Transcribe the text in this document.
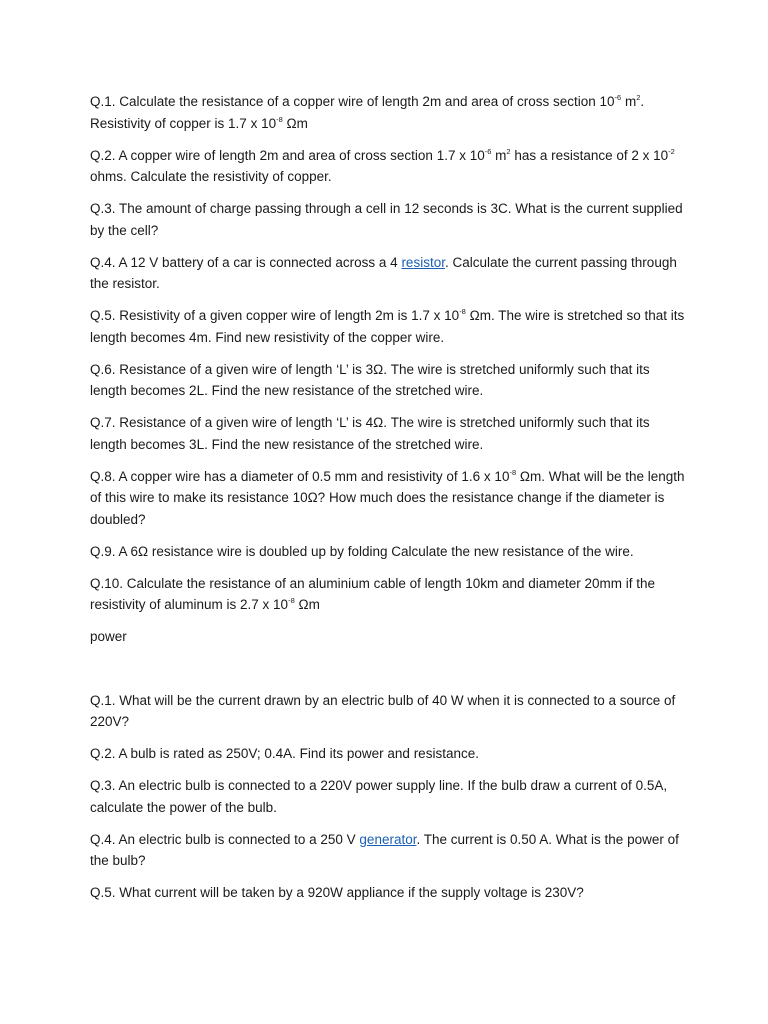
Q.1. Calculate the resistance of a copper wire of length 2m and area of cross section $10^{-6}$ $m^2$. Resistivity of copper is 1.7 x $10^{-8}$ Ωm

Q.2. A copper wire of length 2m and area of cross section 1.7 x $10^{-6}$ $m^2$ has a resistance of 2 x $10^{-2}$ ohms. Calculate the resistivity of copper.

Q.3. The amount of charge passing through a cell in 12 seconds is 3C. What is the current supplied by the cell?

Q.4. A 12 V battery of a car is connected across a 4 resistor. Calculate the current passing through the resistor.

Q.5. Resistivity of a given copper wire of length 2m is 1.7 x $10^{-8}$ Ωm. The wire is stretched so that its length becomes 4m. Find new resistivity of the copper wire.

Q.6. Resistance of a given wire of length ‘L’ is 3Ω. The wire is stretched uniformly such that its length becomes 2L. Find the new resistance of the stretched wire.

Q.7. Resistance of a given wire of length ‘L’ is 4Ω. The wire is stretched uniformly such that its length becomes 3L. Find the new resistance of the stretched wire.

Q.8. A copper wire has a diameter of 0.5 mm and resistivity of 1.6 x $10^{-8}$ Ωm. What will be the length of this wire to make its resistance 10Ω? How much does the resistance change if the diameter is doubled?

Q.9. A 6Ω resistance wire is doubled up by folding Calculate the new resistance of the wire.

Q.10. Calculate the resistance of an aluminium cable of length 10km and diameter 20mm if the resistivity of aluminum is 2.7 x $10^{-8}$ Ωm

power

Q.1. What will be the current drawn by an electric bulb of 40 W when it is connected to a source of 220V?

Q.2. A bulb is rated as 250V; 0.4A. Find its power and resistance.

Q.3. An electric bulb is connected to a 220V power supply line. If the bulb draw a current of 0.5A, calculate the power of the bulb.

Q.4. An electric bulb is connected to a 250 V generator. The current is 0.50 A. What is the power of the bulb?

Q.5. What current will be taken by a 920W appliance if the supply voltage is 230V?
